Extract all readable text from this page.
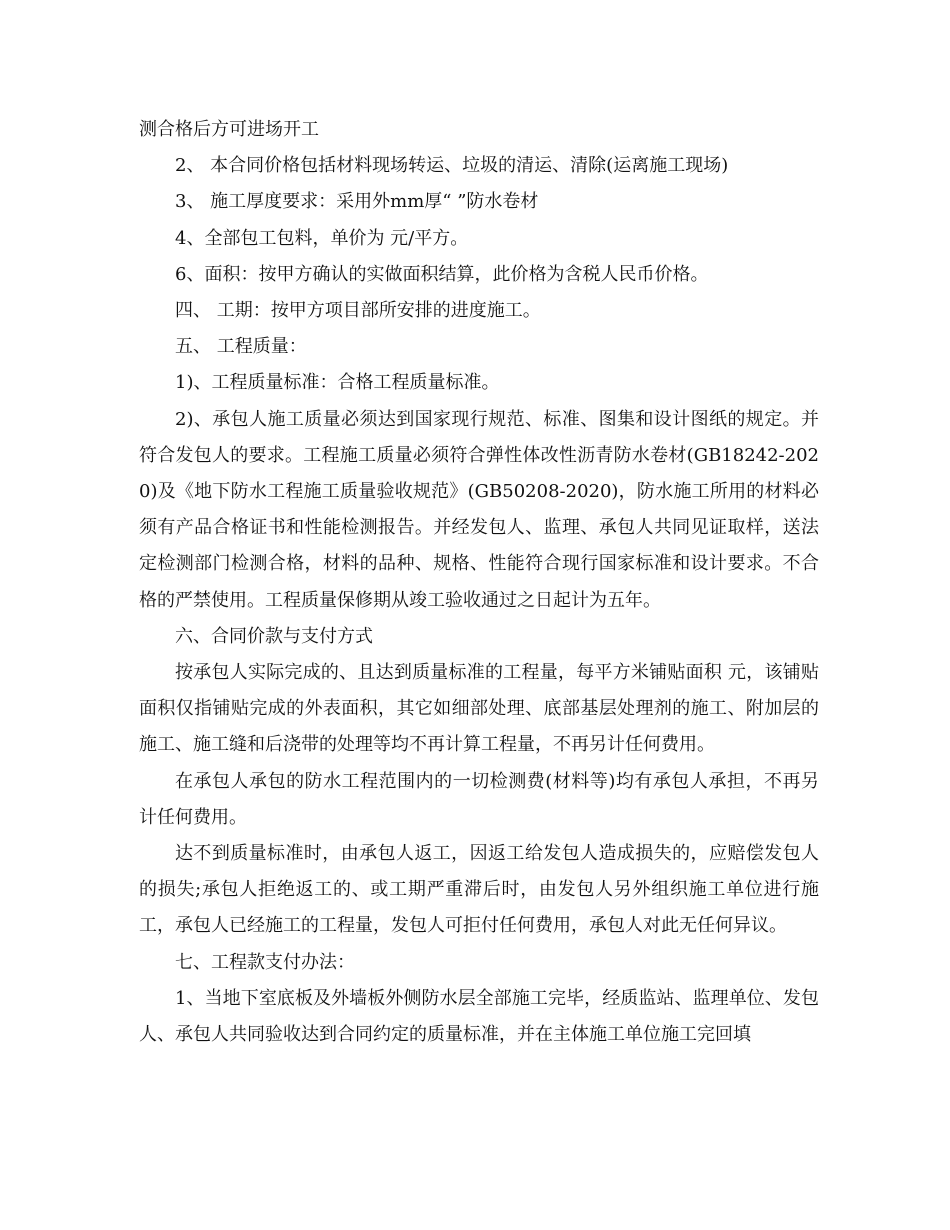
测合格后方可进场开工

2、 本合同价格包括材料现场转运、垃圾的清运、清除(运离施工现场)

3、 施工厚度要求：采用外mm厚“ ”防水卷材

4、全部包工包料，单价为 元/平方。

6、面积：按甲方确认的实做面积结算，此价格为含税人民币价格。

四、 工期：按甲方项目部所安排的进度施工。

五、 工程质量：

1)、工程质量标准：合格工程质量标准。

2)、承包人施工质量必须达到国家现行规范、标准、图集和设计图纸的规定。并符合发包人的要求。工程施工质量必须符合弹性体改性沥青防水卷材(GB18242-2020)及《地下防水工程施工质量验收规范》(GB50208-2020)，防水施工所用的材料必须有产品合格证书和性能检测报告。并经发包人、监理、承包人共同见证取样，送法定检测部门检测合格，材料的品种、规格、性能符合现行国家标准和设计要求。不合格的严禁使用。工程质量保修期从竣工验收通过之日起计为五年。

六、合同价款与支付方式

按承包人实际完成的、且达到质量标准的工程量，每平方米铺贴面积 元，该铺贴面积仅指铺贴完成的外表面积，其它如细部处理、底部基层处理剂的施工、附加层的施工、施工缝和后浇带的处理等均不再计算工程量，不再另计任何费用。

在承包人承包的防水工程范围内的一切检测费(材料等)均有承包人承担，不再另计任何费用。

达不到质量标准时，由承包人返工，因返工给发包人造成损失的，应赔偿发包人的损失;承包人拒绝返工的、或工期严重滞后时，由发包人另外组织施工单位进行施工，承包人已经施工的工程量，发包人可拒付任何费用，承包人对此无任何异议。

七、工程款支付办法：

1、当地下室底板及外墙板外侧防水层全部施工完毕，经质监站、监理单位、发包人、承包人共同验收达到合同约定的质量标准，并在主体施工单位施工完回填
